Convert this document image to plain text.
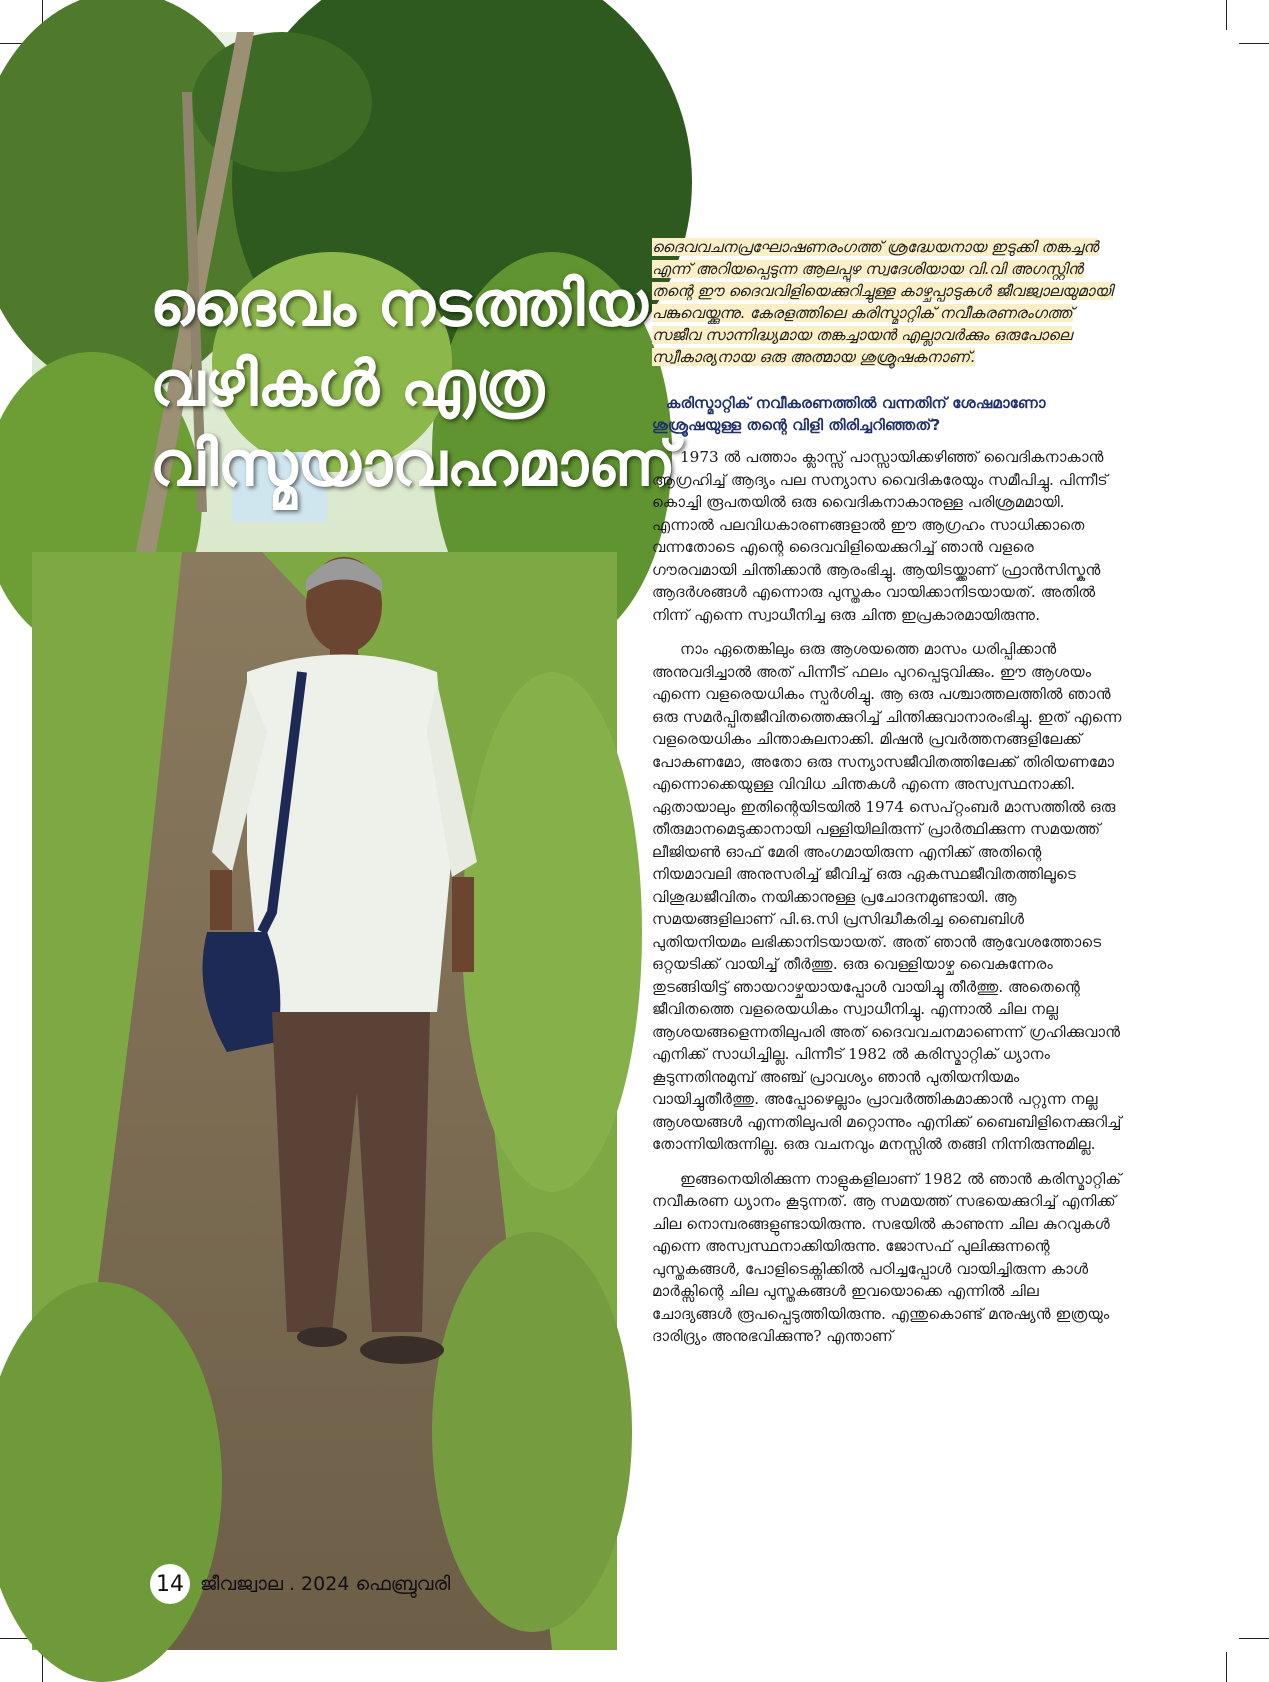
ദൈവം നടത്തിയ
വഴികൾ എത്ര
വിസ്മയാവഹമാണ്
14 ജീവജ്വാല . 2024 ഫെബ്രുവരി

ദൈവവചനപ്രഘോഷണരംഗത്ത് ശ്രദ്ധേയനായ ഇടുക്കി തങ്കച്ചൻ എന്ന് അറിയപ്പെടുന്ന ആലപ്പുഴ സ്വദേശിയായ വി.വി അഗസ്റ്റിൻ തന്റെ ഈ ദൈവവിളിയെക്കുറിച്ചുള്ള കാഴ്ചപ്പാടുകൾ ജീവജ്വാലയുമായി പങ്കുവെയ്ക്കുന്നു. കേരളത്തിലെ കരിസ്മാറ്റിക് നവീകരണരംഗത്ത് സജീവ സാന്നിദ്ധ്യമായ തങ്കച്ചായൻ എല്ലാവർക്കും ഒരുപോലെ സ്വീകാര്യനായ ഒരു അത്മായ ശുശ്രൂഷകനാണ്.

കരിസ്മാറ്റിക് നവീകരണത്തിൽ വന്നതിന് ശേഷമാണോ ശുശ്രൂഷയുള്ള തന്റെ വിളി തിരിച്ചറിഞ്ഞത്?

1973 ൽ പത്താം ക്ലാസ്സ് പാസ്സായിക്കഴിഞ്ഞ് വൈദികനാകാൻ ആഗ്രഹിച്ച് ആദ്യം പല സന്യാസ വൈദികരേയും സമീപിച്ചു. പിന്നീട് കൊച്ചി രൂപതയിൽ ഒരു വൈദികനാകാനുള്ള പരിശ്രമമായി. എന്നാൽ പലവിധകാരണങ്ങളാൽ ഈ ആഗ്രഹം സാധിക്കാതെ വന്നതോടെ എന്റെ ദൈവവിളിയെക്കുറിച്ച് ഞാൻ വളരെ ഗൗരവമായി ചിന്തിക്കാൻ ആരംഭിച്ചു. ആയിടയ്ക്കാണ് ഫ്രാൻസിസ്കൻ ആദർശങ്ങൾ എന്നൊരു പുസ്തകം വായിക്കാനിടയായത്. അതിൽ നിന്ന് എന്നെ സ്വാധീനിച്ച ഒരു ചിന്ത ഇപ്രകാരമായിരുന്നു.

നാം ഏതെങ്കിലും ഒരു ആശയത്തെ മാസം ധരിപ്പിക്കാൻ അനുവദിച്ചാൽ അത് പിന്നീട് ഫലം പുറപ്പെടുവിക്കും. ഈ ആശയം എന്നെ വളരെയധികം സ്പർശിച്ചു. ആ ഒരു പശ്ചാത്തലത്തിൽ ഞാൻ ഒരു സമർപ്പിതജീവിതത്തെക്കുറിച്ച് ചിന്തിക്കുവാനാരംഭിച്ചു. ഇത് എന്നെ വളരെയധികം ചിന്താകുലനാക്കി. മിഷൻ പ്രവർത്തനങ്ങളിലേക്ക് പോകണമോ, അതോ ഒരു സന്യാസജീവിതത്തിലേക്ക് തിരിയണമോ എന്നൊക്കെയുള്ള വിവിധ ചിന്തകൾ എന്നെ അസ്വസ്ഥനാക്കി. ഏതായാലും ഇതിന്റെയിടയിൽ 1974 സെപ്റ്റംബർ മാസത്തിൽ ഒരു തീരുമാനമെടുക്കാനായി പള്ളിയിലിരുന്ന് പ്രാർത്ഥിക്കുന്ന സമയത്ത് ലീജിയൺ ഓഫ് മേരി അംഗമായിരുന്ന എനിക്ക് അതിന്റെ നിയമാവലി അനുസരിച്ച് ജീവിച്ച് ഒരു ഏകസ്ഥജീവിതത്തിലൂടെ വിശുദ്ധജീവിതം നയിക്കാനുള്ള പ്രചോദനമുണ്ടായി. ആ സമയങ്ങളിലാണ് പി.ഒ.സി പ്രസിദ്ധീകരിച്ച ബൈബിൾ പുതിയനിയമം ലഭിക്കാനിടയായത്. അത് ഞാൻ ആവേശത്തോടെ ഒറ്റയടിക്ക് വായിച്ച് തീർത്തു. ഒരു വെള്ളിയാഴ്ച വൈകുന്നേരം തുടങ്ങിയിട്ട് ഞായറാഴ്ചയായപ്പോൾ വായിച്ചു തീർത്തു. അതെന്റെ ജീവിതത്തെ വളരെയധികം സ്വാധീനിച്ചു. എന്നാൽ ചില നല്ല ആശയങ്ങളെന്നതിലുപരി അത് ദൈവവചനമാണെന്ന് ഗ്രഹിക്കുവാൻ എനിക്ക് സാധിച്ചില്ല. പിന്നീട് 1982 ൽ കരിസ്മാറ്റിക് ധ്യാനം കൂടുന്നതിനുമുമ്പ് അഞ്ച് പ്രാവശ്യം ഞാൻ പുതിയനിയമം വായിച്ചുതീർത്തു. അപ്പോഴെല്ലാം പ്രാവർത്തികമാക്കാൻ പറ്റുന്ന നല്ല ആശയങ്ങൾ എന്നതിലുപരി മറ്റൊന്നും എനിക്ക് ബൈബിളിനെക്കുറിച്ച് തോന്നിയിരുന്നില്ല. ഒരു വചനവും മനസ്സിൽ തങ്ങി നിന്നിരുന്നുമില്ല.

ഇങ്ങനെയിരിക്കുന്ന നാളുകളിലാണ് 1982 ൽ ഞാൻ കരിസ്മാറ്റിക് നവീകരണ ധ്യാനം കൂടുന്നത്. ആ സമയത്ത് സഭയെക്കുറിച്ച് എനിക്ക് ചില നൊമ്പരങ്ങളുണ്ടായിരുന്നു. സഭയിൽ കാണുന്ന ചില കുറവുകൾ എന്നെ അസ്വസ്ഥനാക്കിയിരുന്നു. ജോസഫ് പുലിക്കുന്നന്റെ പുസ്തകങ്ങൾ, പോളിടെക്നിക്കിൽ പഠിച്ചപ്പോൾ വായിച്ചിരുന്ന കാൾ മാർക്സിന്റെ ചില പുസ്തകങ്ങൾ ഇവയൊക്കെ എന്നിൽ ചില ചോദ്യങ്ങൾ രൂപപ്പെടുത്തിയിരുന്നു. എന്തുകൊണ്ട് മനുഷ്യൻ ഇത്രയും ദാരിദ്ര്യം അനുഭവിക്കുന്നു? എന്താണ്
